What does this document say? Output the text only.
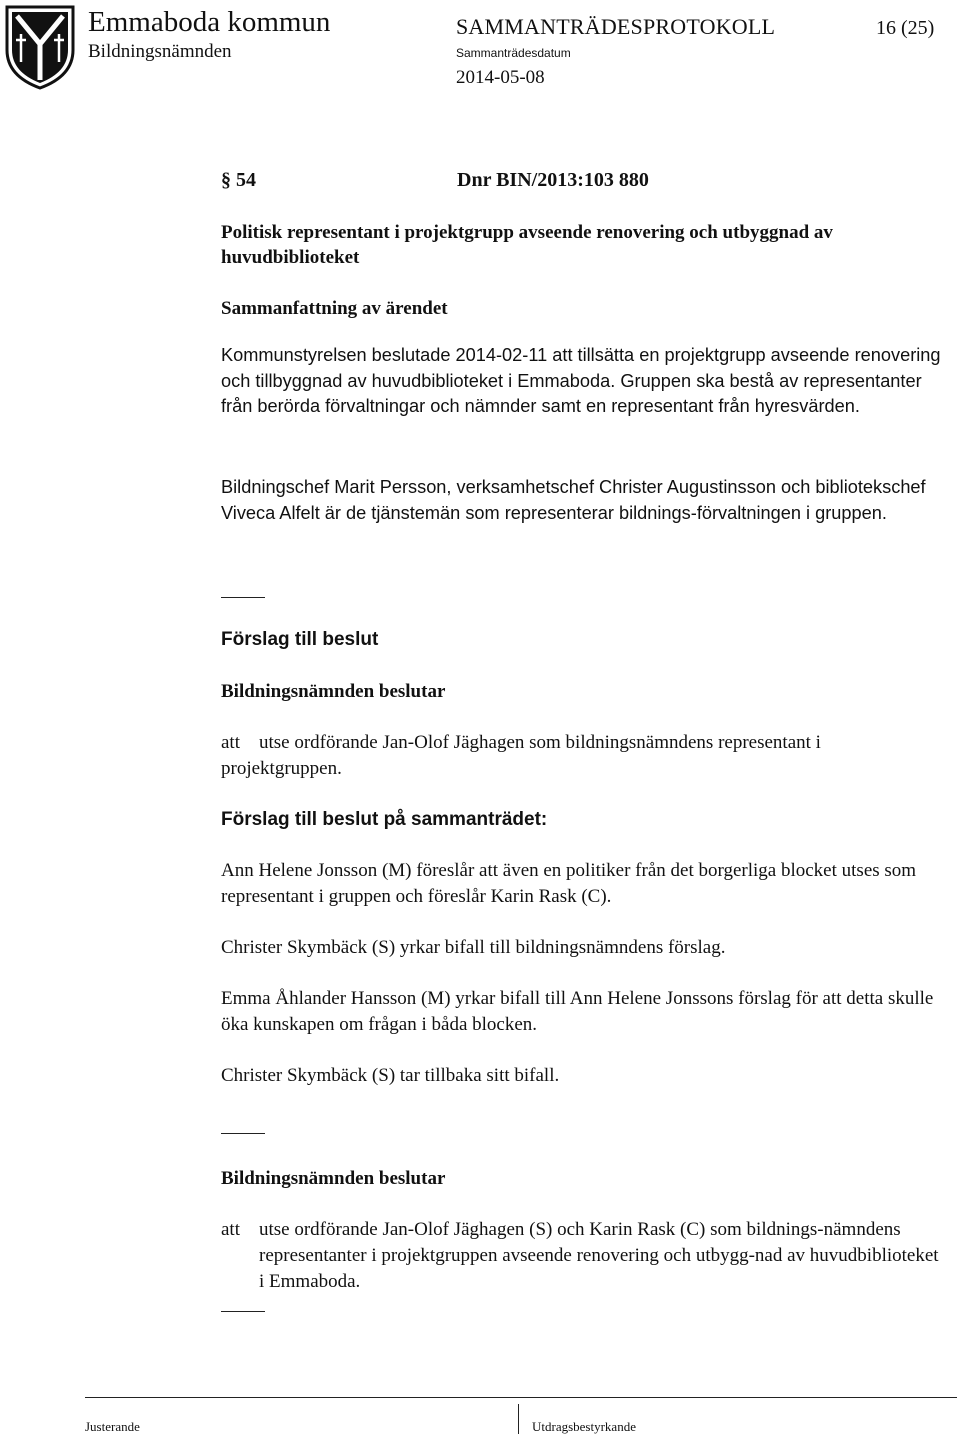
Emmaboda kommun
Bildningsnämnden
SAMMANTRÄDESPROTOKOLL	16 (25)
Sammanträdesdatum
2014-05-08
§ 54	Dnr BIN/2013:103 880
Politisk representant i projektgrupp avseende renovering och utbyggnad av huvudbiblioteket
Sammanfattning av ärendet
Kommunstyrelsen beslutade 2014-02-11 att tillsätta en projektgrupp avseende renovering och tillbyggnad av huvudbiblioteket i Emmaboda. Gruppen ska bestå av representanter från berörda förvaltningar och nämnder samt en representant från hyresvärden.
Bildningschef Marit Persson, verksamhetschef Christer Augustinsson och bibliotekschef Viveca Alfelt är de tjänstemän som representerar bildnings-förvaltningen i gruppen.
Förslag till beslut
Bildningsnämnden beslutar
att	utse ordförande Jan-Olof Jäghagen som bildningsnämndens representant i projektgruppen.
Förslag till beslut på sammanträdet:
Ann Helene Jonsson (M) föreslår att även en politiker från det borgerliga blocket utses som representant i gruppen och föreslår Karin Rask (C).
Christer Skymbäck (S) yrkar bifall till bildningsnämndens förslag.
Emma Åhlander Hansson (M) yrkar bifall till Ann Helene Jonssons förslag för att detta skulle öka kunskapen om frågan i båda blocken.
Christer Skymbäck (S) tar tillbaka sitt bifall.
Bildningsnämnden beslutar
att utse ordförande Jan-Olof Jäghagen (S) och Karin Rask (C) som bildnings-nämndens representanter i projektgruppen avseende renovering och utbygg-nad av huvudbiblioteket i Emmaboda.
Justerande	Utdragsbestyrkande
